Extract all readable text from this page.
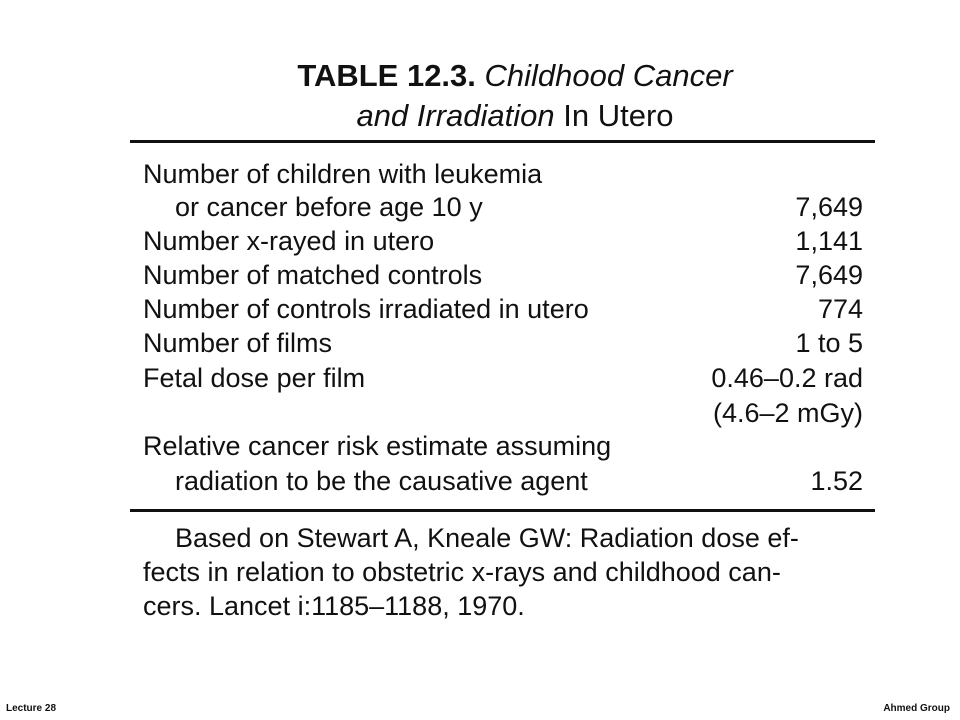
TABLE 12.3. Childhood Cancer
and Irradiation In Utero
Number of children with leukemia
or cancer before age 10 y	7,649
Number x-rayed in utero	1,141
Number of matched controls	7,649
Number of controls irradiated in utero	774
Number of films	1 to 5
Fetal dose per film	0.46–0.2 rad
(4.6–2 mGy)
Relative cancer risk estimate assuming
radiation to be the causative agent	1.52
Based on Stewart A, Kneale GW: Radiation dose ef-
fects in relation to obstetric x-rays and childhood can-
cers. Lancet i:1185–1188, 1970.
Lecture 28	Ahmed Group
